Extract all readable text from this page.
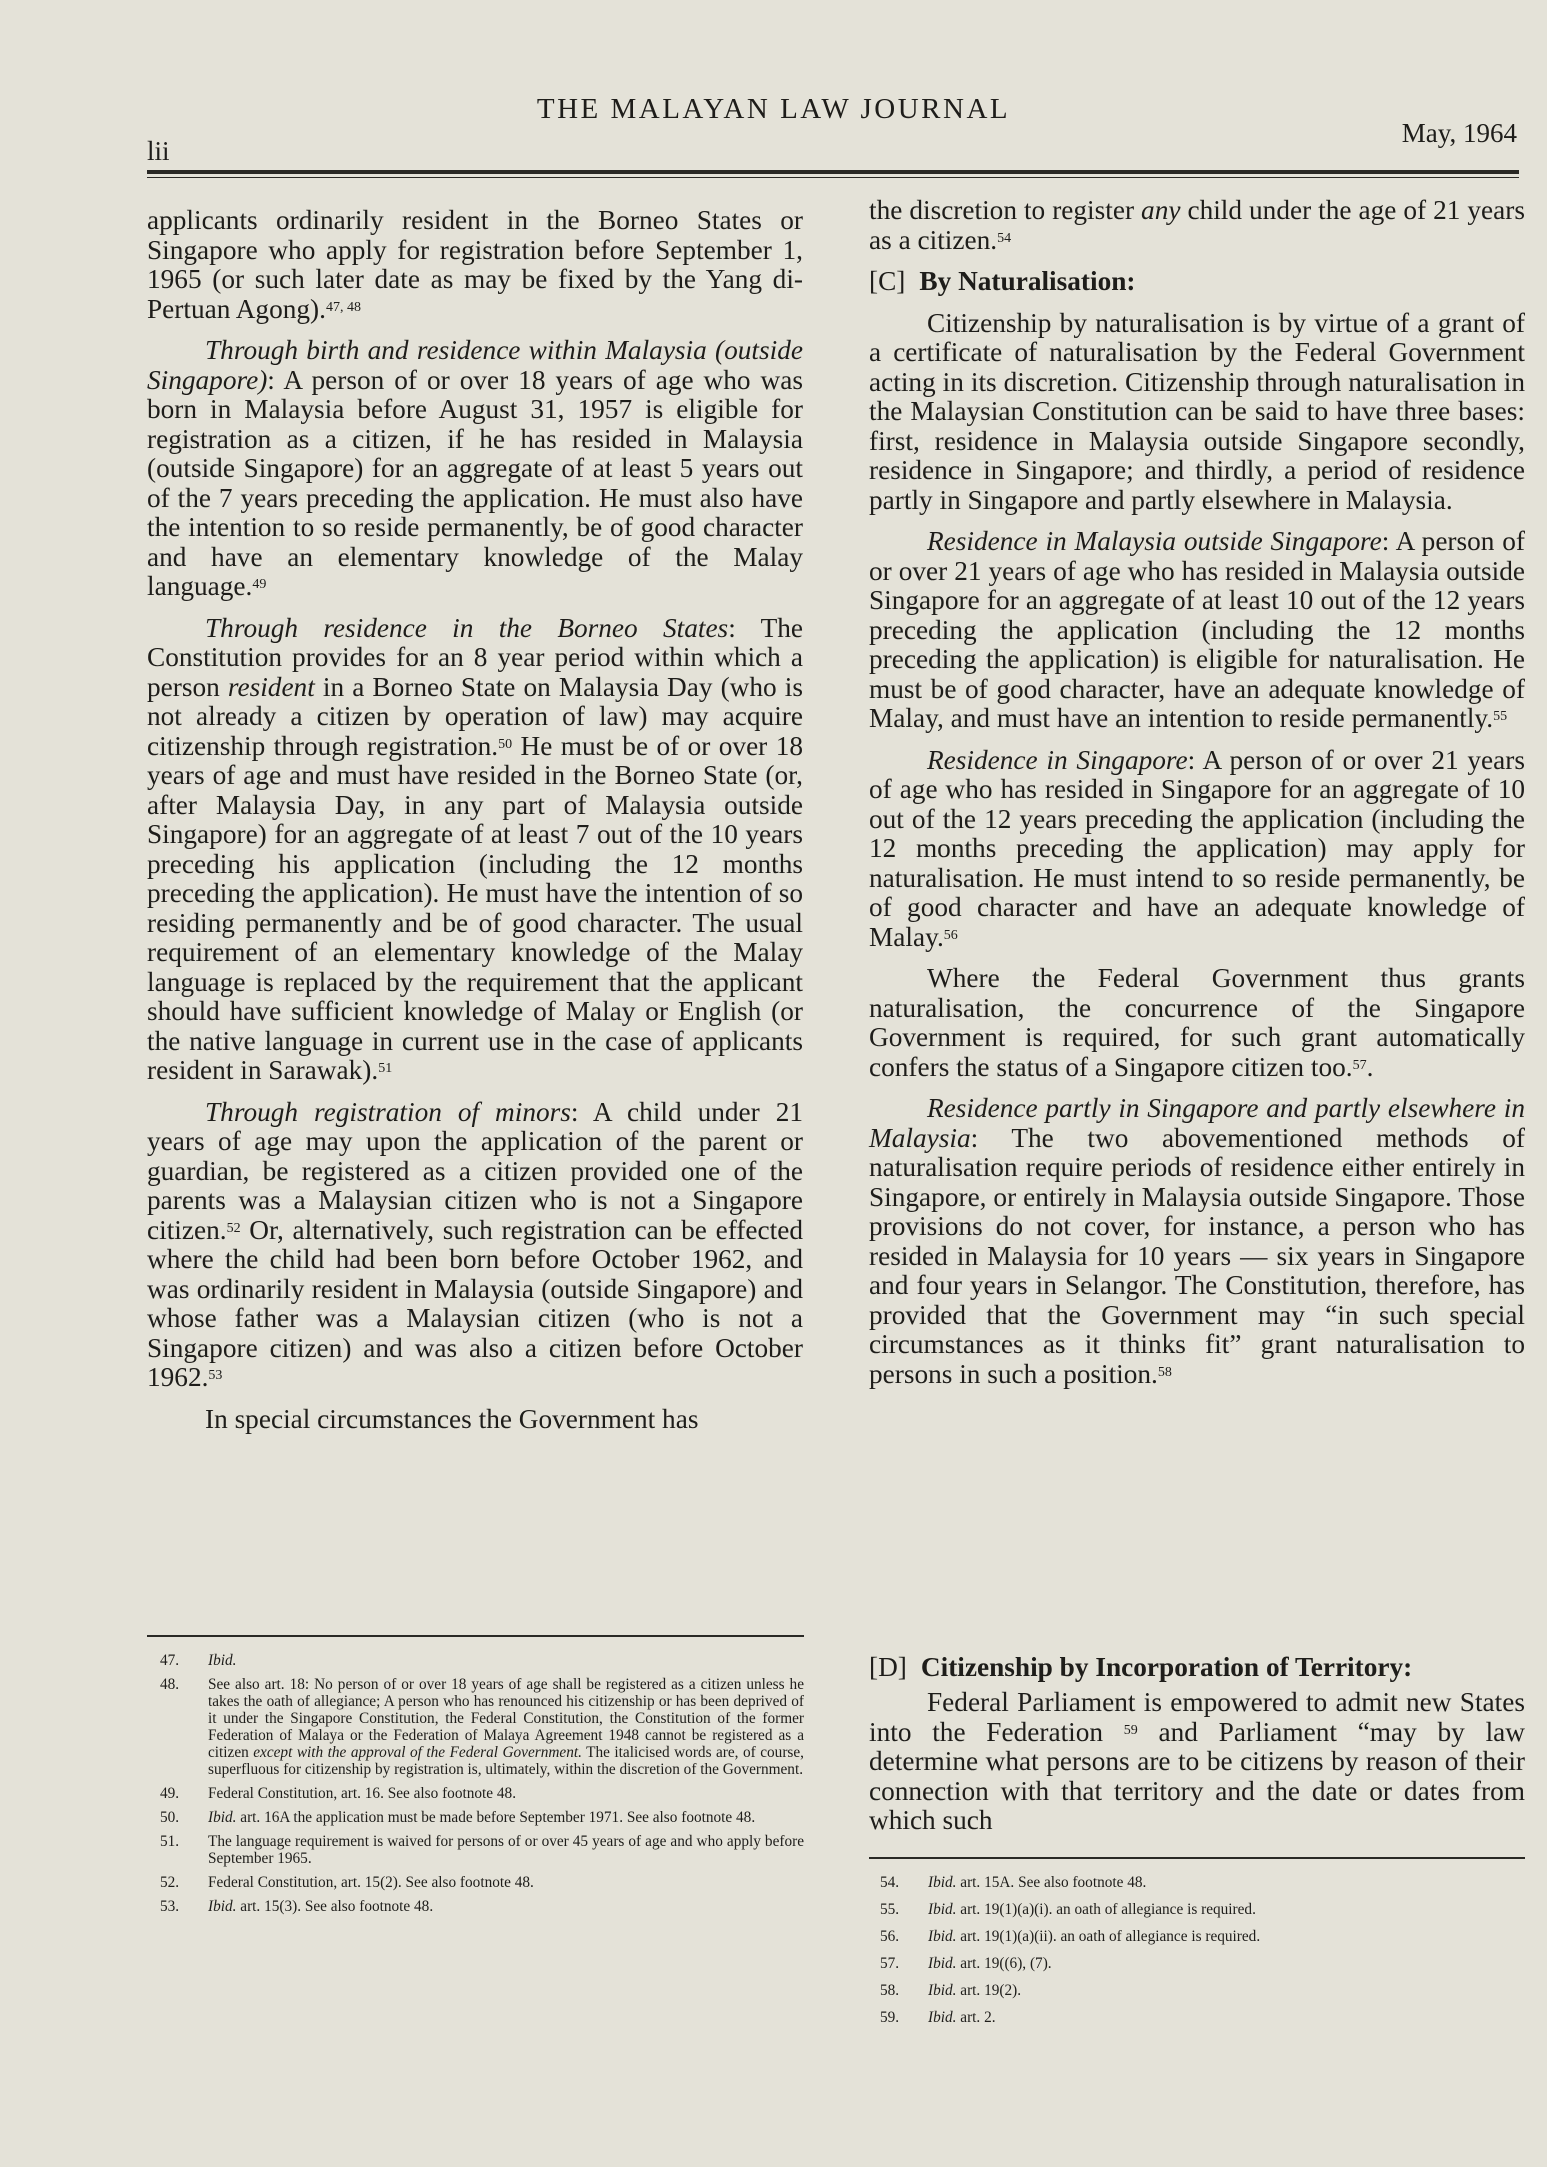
THE MALAYAN LAW JOURNAL
lii
May, 1964

applicants ordinarily resident in the Borneo States or Singapore who apply for registration before September 1, 1965 (or such later date as may be fixed by the Yang di-Pertuan Agong).$^{47, 48}$

Through birth and residence within Malaysia (outside Singapore): A person of or over 18 years of age who was born in Malaysia before August 31, 1957 is eligible for registration as a citizen, if he has resided in Malaysia (outside Singapore) for an aggregate of at least 5 years out of the 7 years preceding the application. He must also have the intention to so reside permanently, be of good character and have an elementary knowledge of the Malay language.$^{49}$

Through residence in the Borneo States: The Constitution provides for an 8 year period within which a person resident in a Borneo State on Malaysia Day (who is not already a citizen by operation of law) may acquire citizenship through registration.$^{50}$ He must be of or over 18 years of age and must have resided in the Borneo State (or, after Malaysia Day, in any part of Malaysia outside Singapore) for an aggregate of at least 7 out of the 10 years preceding his application (including the 12 months preceding the application). He must have the intention of so residing permanently and be of good character. The usual requirement of an elementary knowledge of the Malay language is replaced by the requirement that the applicant should have sufficient knowledge of Malay or English (or the native language in current use in the case of applicants resident in Sarawak).$^{51}$

Through registration of minors: A child under 21 years of age may upon the application of the parent or guardian, be registered as a citizen provided one of the parents was a Malaysian citizen who is not a Singapore citizen.$^{52}$ Or, alternatively, such registration can be effected where the child had been born before October 1962, and was ordinarily resident in Malaysia (outside Singapore) and whose father was a Malaysian citizen (who is not a Singapore citizen) and was also a citizen before October 1962.53

In special circumstances the Government has

the discretion to register any child under the age of 21 years as a citizen.$^{54}$

[C] By Naturalisation:

Citizenship by naturalisation is by virtue of a grant of a certificate of naturalisation by the Federal Government acting in its discretion. Citizenship through naturalisation in the Malaysian Constitution can be said to have three bases: first, residence in Malaysia outside Singapore secondly, residence in Singapore; and thirdly, a period of residence partly in Singapore and partly elsewhere in Malaysia.

Residence in Malaysia outside Singapore: A person of or over 21 years of age who has resided in Malaysia outside Singapore for an aggregate of at least 10 out of the 12 years preceding the application (including the 12 months preceding the application) is eligible for naturalisation. He must be of good character, have an adequate knowledge of Malay, and must have an intention to reside permanently.$^{55}$

Residence in Singapore: A person of or over 21 years of age who has resided in Singapore for an aggregate of 10 out of the 12 years preceding the application (including the 12 months preceding the application) may apply for naturalisation. He must intend to so reside permanently, be of good character and have an adequate knowledge of Malay.$^{56}$

Where the Federal Government thus grants naturalisation, the concurrence of the Singapore Government is required, for such grant automatically confers the status of a Singapore citizen too.$^{57}$.

Residence partly in Singapore and partly elsewhere in Malaysia: The two abovementioned methods of naturalisation require periods of residence either entirely in Singapore, or entirely in Malaysia outside Singapore. Those provisions do not cover, for instance, a person who has resided in Malaysia for 10 years — six years in Singapore and four years in Selangor. The Constitution, therefore, has provided that the Government may “in such special circumstances as it thinks fit” grant naturalisation to persons in such a position.$^{58}$

[D] Citizenship by Incorporation of Territory:

Federal Parliament is empowered to admit new States into the Federation $^{59}$ and Parliament “may by law determine what persons are to be citizens by reason of their connection with that territory and the date or dates from which such

47.	Ibid.
48.	See also art. 18: No person of or over 18 years of age shall be registered as a citizen unless he takes the oath of allegiance; A person who has renounced his citizenship or has been deprived of it under the Singapore Constitution, the Federal Constitution, the Constitution of the former Federation of Malaya or the Federation of Malaya Agreement 1948 cannot be registered as a citizen except with the approval of the Federal Government. The italicised words are, of course, superfluous for citizenship by registration is, ultimately, within the discretion of the Government.
49.	Federal Constitution, art. 16. See also footnote 48.
50.	Ibid. art. 16A the application must be made before September 1971. See also footnote 48.
51.	The language requirement is waived for persons of or over 45 years of age and who apply before September 1965.
52.	Federal Constitution, art. 15(2). See also footnote 48.
53.	Ibid. art. 15(3). See also footnote 48.
54.	Ibid. art. 15A. See also footnote 48.
55.	Ibid. art. 19(1)(a)(i). an oath of allegiance is required.
56.	Ibid. art. 19(1)(a)(ii). an oath of allegiance is required.
57.	Ibid. art. 19((6), (7).
58.	Ibid. art. 19(2).
59.	Ibid. art. 2.
